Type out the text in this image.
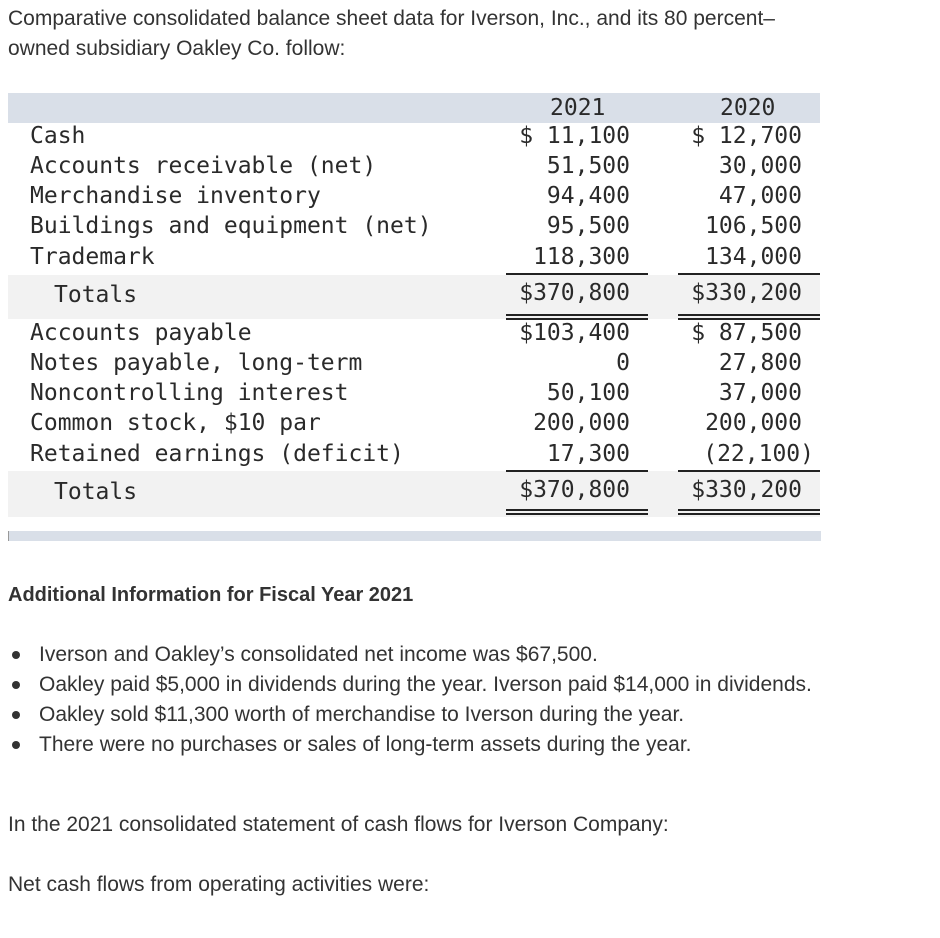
Comparative consolidated balance sheet data for Iverson, Inc., and its 80 percent–
owned subsidiary Oakley Co. follow:
2021	2020
Cash	$ 11,100	$ 12,700
Accounts receivable (net)	51,500	30,000
Merchandise inventory	94,400	47,000
Buildings and equipment (net)	95,500	106,500
Trademark	118,300	134,000
Totals	$370,800	$330,200
Accounts payable	$103,400	$ 87,500
Notes payable, long-term	0	27,800
Noncontrolling interest	50,100	37,000
Common stock, $10 par	200,000	200,000
Retained earnings (deficit)	17,300	(22,100)
Totals	$370,800	$330,200
Additional Information for Fiscal Year 2021
Iverson and Oakley’s consolidated net income was $67,500.
Oakley paid $5,000 in dividends during the year. Iverson paid $14,000 in dividends.
Oakley sold $11,300 worth of merchandise to Iverson during the year.
There were no purchases or sales of long-term assets during the year.
In the 2021 consolidated statement of cash flows for Iverson Company:
Net cash flows from operating activities were:
